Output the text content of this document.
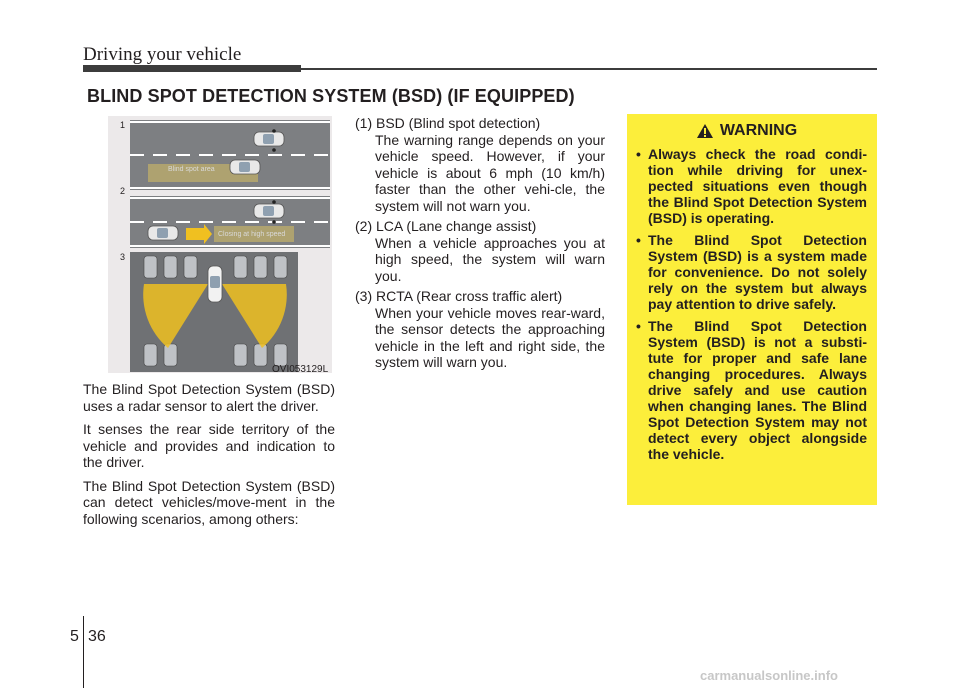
Driving your vehicle
BLIND SPOT DETECTION SYSTEM (BSD) (IF EQUIPPED)
Blind spot area
Closing at high speed
1
2
3
OVI053129L

The Blind Spot Detection System (BSD) uses a radar sensor to alert the driver.

It senses the rear side territory of the vehicle and provides and indication to the driver.

The Blind Spot Detection System (BSD) can detect vehicles/move-ment in the following scenarios, among others:

(1) BSD (Blind spot detection)
The warning range depends on your vehicle speed. However, if your vehicle is about 6 mph (10 km/h) faster than the other vehi-cle, the system will not warn you.
(2) LCA (Lane change assist)
When a vehicle approaches you at high speed, the system will warn you.
(3) RCTA (Rear cross traffic alert)
When your vehicle moves rear-ward, the sensor detects the approaching vehicle in the left and right side, the system will warn you.
WARNING
• Always check the road condi-tion while driving for unex-pected situations even though the Blind Spot Detection System (BSD) is operating.
• The Blind Spot Detection System (BSD) is a system made for convenience. Do not solely rely on the system but always pay attention to drive safely.
• The Blind Spot Detection System (BSD) is not a substi-tute for proper and safe lane changing procedures. Always drive safely and use caution when changing lanes. The Blind Spot Detection System may not detect every object alongside the vehicle.
5 36
carmanualsonline.info
